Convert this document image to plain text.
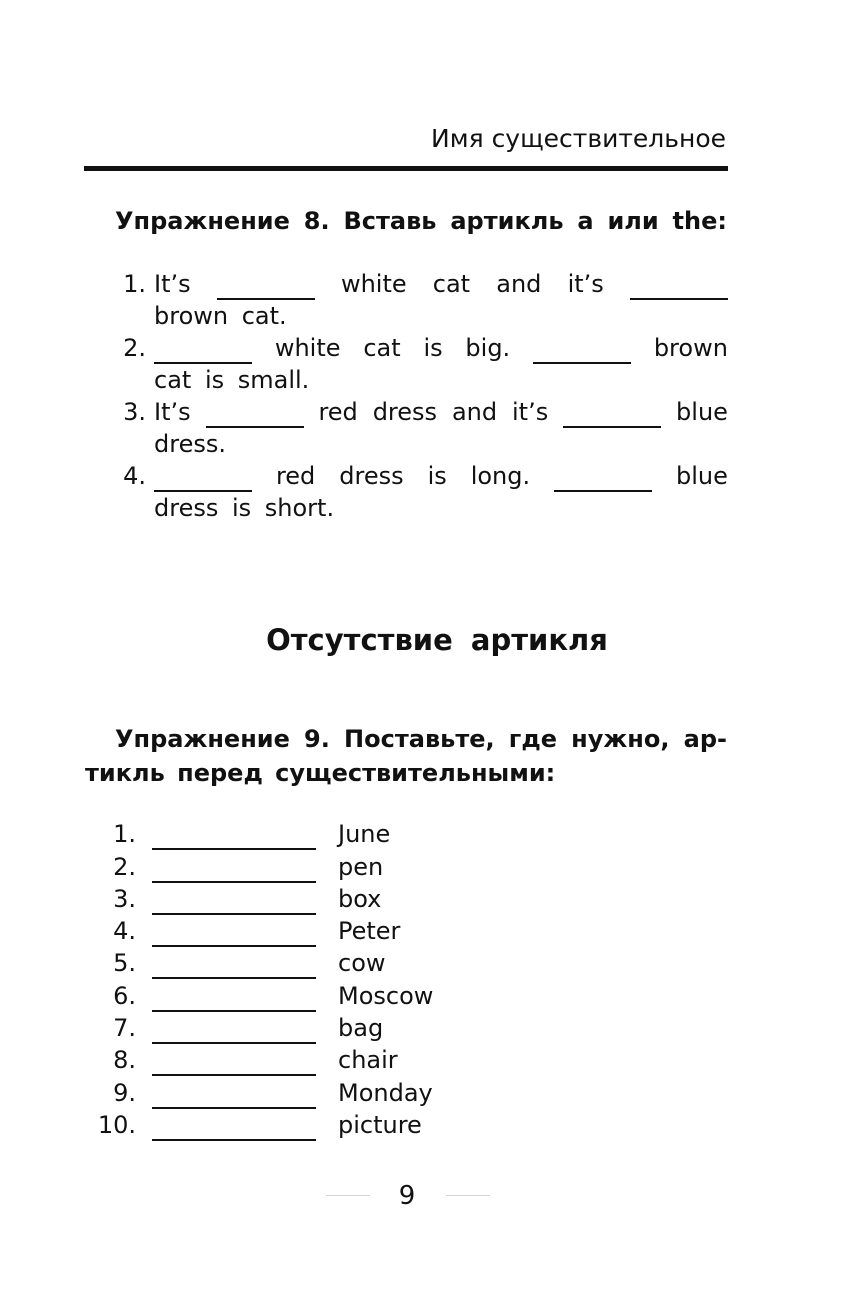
Имя существительное
Упражнение 8. Вставь артикль a или the:
1. It’s	white cat and it’s
brown cat.
2.	white cat is big.	brown
cat is small.
3. It’s	red dress and it’s	blue
dress.
4.	red dress is long.	blue
dress is short.
Отсутствие артикля
Упражнение 9. Поставьте, где нужно, ар-
тикль перед существительными:
1.	June
2.	pen
3.	box
4.	Peter
5.	cow
6.	Moscow
7.	bag
8.	chair
9.	Monday
10.	picture
9
